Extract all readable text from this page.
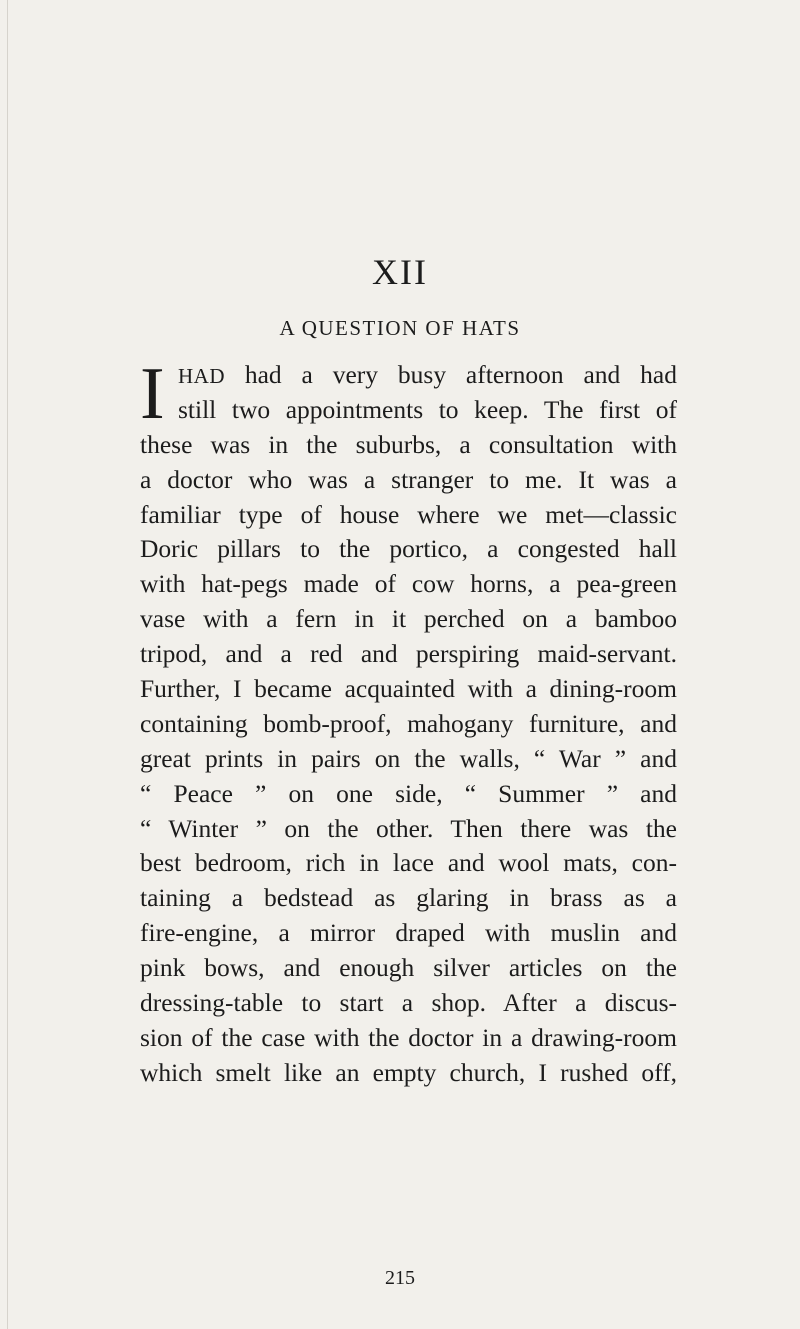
XII
A QUESTION OF HATS
I HAD had a very busy afternoon and had
still two appointments to keep. The first of
these was in the suburbs, a consultation with
a doctor who was a stranger to me. It was a
familiar type of house where we met—classic
Doric pillars to the portico, a congested hall
with hat-pegs made of cow horns, a pea-green
vase with a fern in it perched on a bamboo
tripod, and a red and perspiring maid-servant.
Further, I became acquainted with a dining-room
containing bomb-proof, mahogany furniture, and
great prints in pairs on the walls, “ War ” and
“ Peace ” on one side, “ Summer ” and
“ Winter ” on the other. Then there was the
best bedroom, rich in lace and wool mats, con-
taining a bedstead as glaring in brass as a
fire-engine, a mirror draped with muslin and
pink bows, and enough silver articles on the
dressing-table to start a shop. After a discus-
sion of the case with the doctor in a drawing-room
which smelt like an empty church, I rushed off,
215
